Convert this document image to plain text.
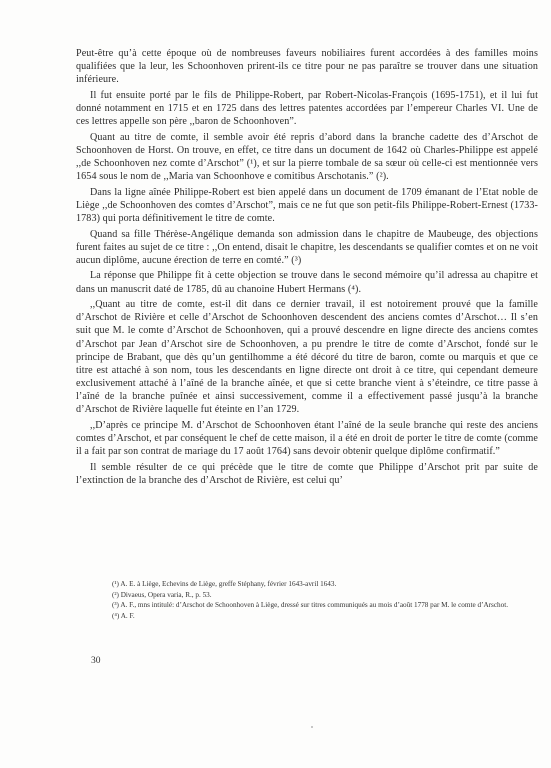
Peut-être qu’à cette époque où de nombreuses faveurs nobiliaires furent accordées à des familles moins qualifiées que la leur, les Schoonhoven prirent-ils ce titre pour ne pas paraître se trouver dans une situation inférieure.

Il fut ensuite porté par le fils de Philippe-Robert, par Robert-Nicolas-François (1695-1751), et il lui fut donné notamment en 1715 et en 1725 dans des lettres patentes accordées par l’empereur Charles VI. Une de ces lettres appelle son père ,,baron de Schoonhoven”.

Quant au titre de comte, il semble avoir été repris d’abord dans la branche cadette des d’Arschot de Schoonhoven de Horst. On trouve, en effet, ce titre dans un document de 1642 où Charles-Philippe est appelé ,,de Schoonhoven nez comte d’Arschot” (¹), et sur la pierre tombale de sa sœur où celle-ci est mentionnée vers 1654 sous le nom de ,,Maria van Schoonhove e comitibus Arschotanis.” (²).

Dans la ligne aînée Philippe-Robert est bien appelé dans un document de 1709 émanant de l’Etat noble de Liège ,,de Schoonhoven des comtes d’Arschot”, mais ce ne fut que son petit-fils Philippe-Robert-Ernest (1733-1783) qui porta définitivement le titre de comte.

Quand sa fille Thérèse-Angélique demanda son admission dans le chapitre de Maubeuge, des objections furent faites au sujet de ce titre : ,,On entend, disait le chapitre, les descendants se qualifier comtes et on ne voit aucun diplôme, aucune érection de terre en comté.” (³)

La réponse que Philippe fit à cette objection se trouve dans le second mémoire qu’il adressa au chapitre et dans un manuscrit daté de 1785, dû au chanoine Hubert Hermans (⁴).

,,Quant au titre de comte, est-il dit dans ce dernier travail, il est notoirement prouvé que la famille d’Arschot de Rivière et celle d’Arschot de Schoonhoven descendent des anciens comtes d’Arschot… Il s’en suit que M. le comte d’Arschot de Schoonhoven, qui a prouvé descendre en ligne directe des anciens comtes d’Arschot par Jean d’Arschot sire de Schoonhoven, a pu prendre le titre de comte d’Arschot, fondé sur le principe de Brabant, que dès qu’un gentilhomme a été décoré du titre de baron, comte ou marquis et que ce titre est attaché à son nom, tous les descendants en ligne directe ont droit à ce titre, qui cependant demeure exclusivement attaché à l’aîné de la branche aînée, et que si cette branche vient à s’éteindre, ce titre passe à l’aîné de la branche puînée et ainsi successivement, comme il a effectivement passé jusqu’à la branche d’Arschot de Rivière laquelle fut éteinte en l’an 1729.

,,D’après ce principe M. d’Arschot de Schoonhoven étant l’aîné de la seule branche qui reste des anciens comtes d’Arschot, et par conséquent le chef de cette maison, il a été en droit de porter le titre de comte (comme il a fait par son contrat de mariage du 17 août 1764) sans devoir obtenir quelque diplôme confirmatif.”

Il semble résulter de ce qui précède que le titre de comte que Philippe d’Arschot prit par suite de l’extinction de la branche des d’Arschot de Rivière, est celui qu’

(¹) A. E. à Liège, Echevins de Liège, greffe Stéphany, février 1643-avril 1643.

(²) Divaeus, Opera varia, R., p. 53.

(³) A. F., mns intitulé: d’Arschot de Schoonhoven à Liège, dressé sur titres communiqués au mois d’août 1778 par M. le comte d’Arschot.

(⁴) A. F.

30
